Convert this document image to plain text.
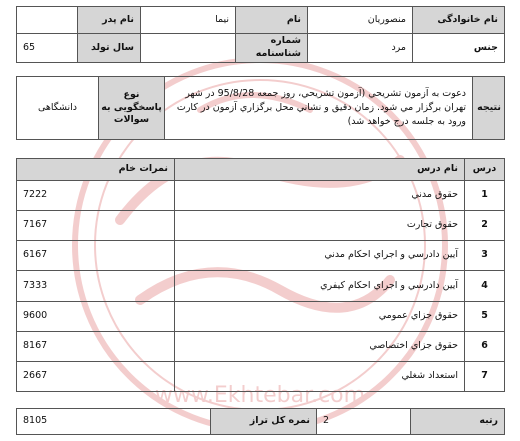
www.Ekhtebar.com
نام خانوادگی	منصوریان	نام	نیما	نام پدر	
جنس	مرد	شماره شناسنامه		سال تولد	65
نتیجه	دعوت به آزمون تشريحي (آزمون تشريحي، روز جمعه 95/8/28 در شهر تهران برگزار مي شود. زمان دقيق و نشاني محل برگزاري آزمون در كارت ورود به جلسه درج خواهد شد)	نوع پاسخگویی به سوالات	دانشگاهی
درس	نام درس	نمرات خام
1	حقوق مدني	7222
2	حقوق تجارت	7167
3	آيين دادرسي و اجراي احكام مدني	6167
4	آيين دادرسي و اجراي احكام كيفري	7333
5	حقوق جزاي عمومي	9600
6	حقوق جزاي اختصاصي	8167
7	استعداد شغلي	2667
رتبه	2	نمره کل تراز	8105
